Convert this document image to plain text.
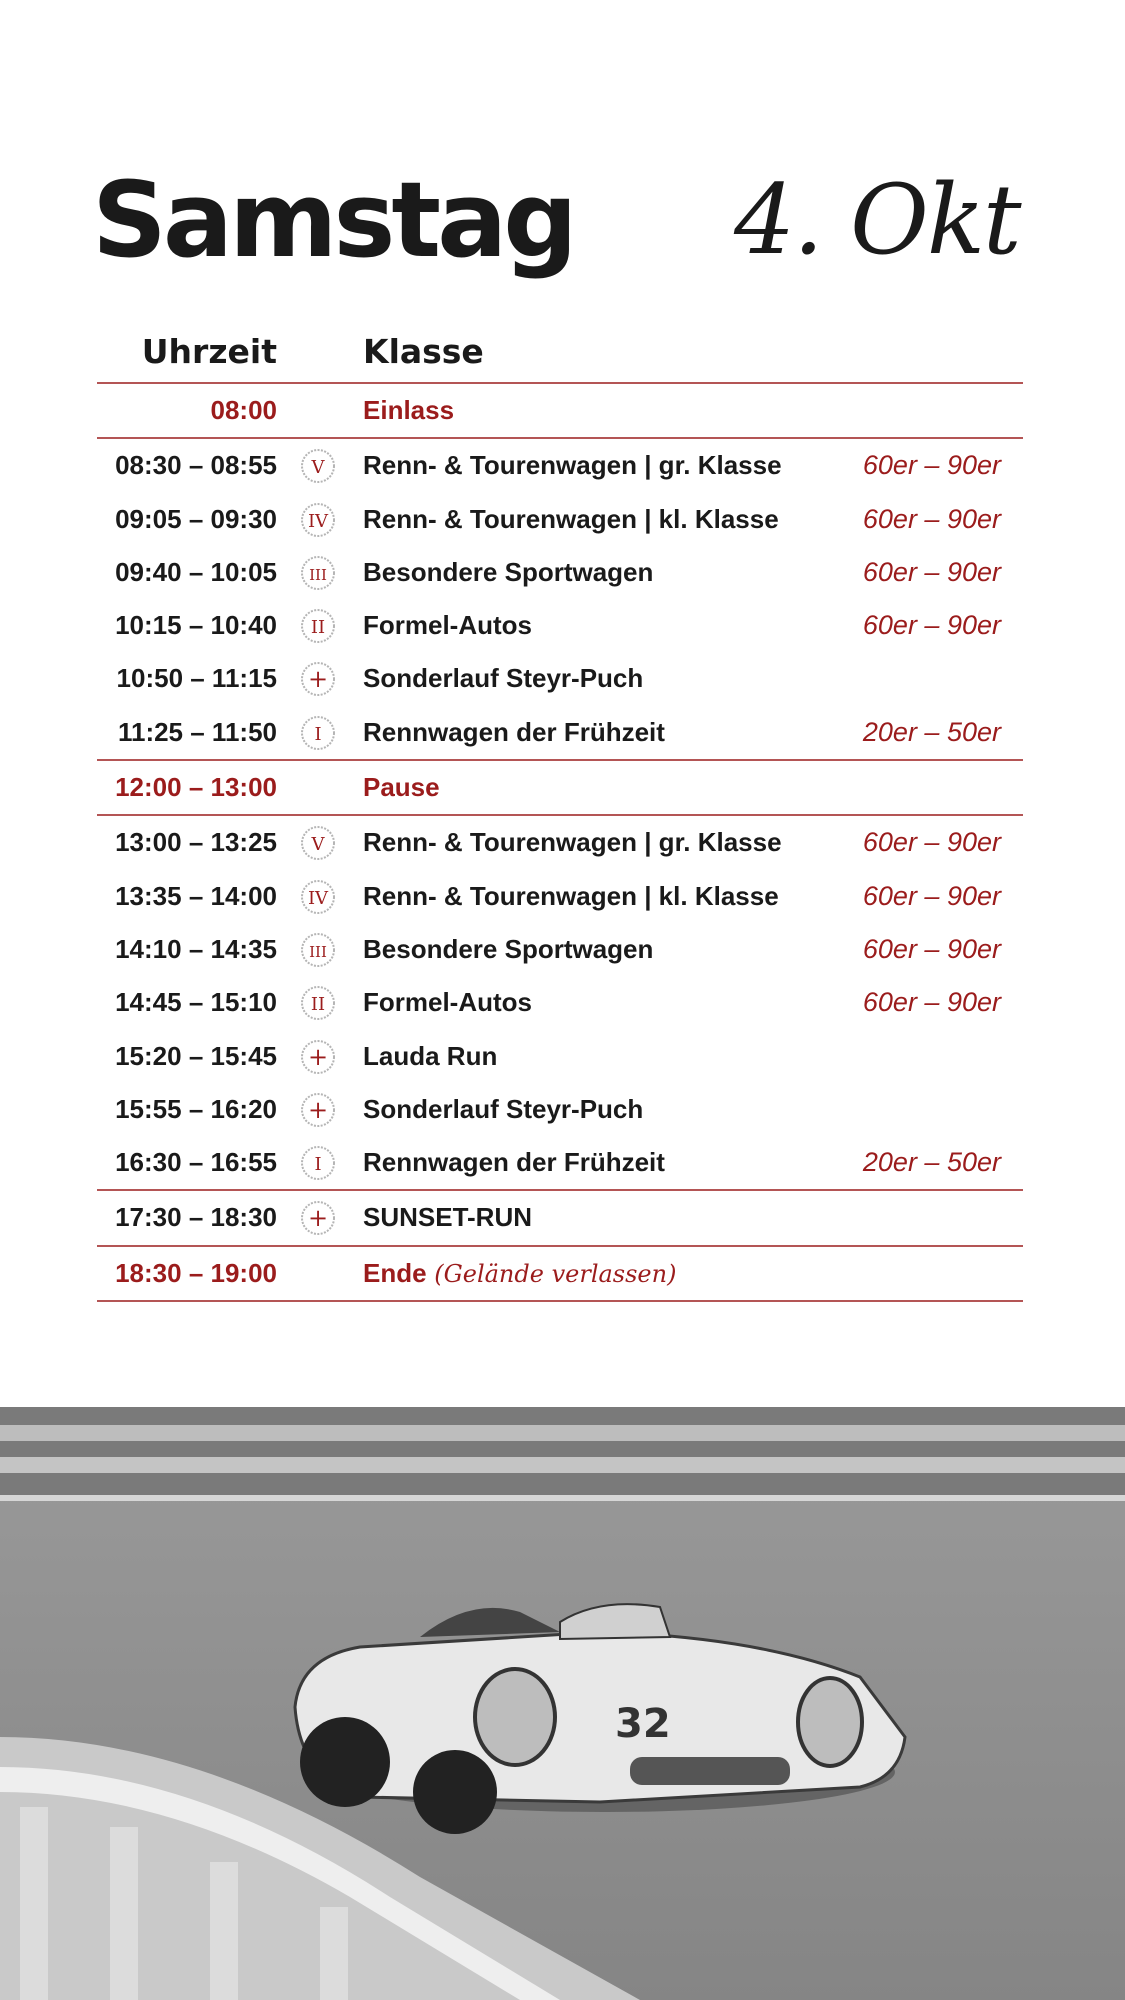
Samstag 4. Okt
Uhrzeit	Klasse
08:00	Einlass
08:30 – 08:55 V Renn- & Tourenwagen | gr. Klasse	60er – 90er
09:05 – 09:30 IV Renn- & Tourenwagen | kl. Klasse	60er – 90er
09:40 – 10:05 III Besondere Sportwagen	60er – 90er
10:15 – 10:40 II Formel-Autos	60er – 90er
10:50 – 11:15 + Sonderlauf Steyr-Puch
11:25 – 11:50 I Rennwagen der Frühzeit	20er – 50er
12:00 – 13:00	Pause
13:00 – 13:25 V Renn- & Tourenwagen | gr. Klasse	60er – 90er
13:35 – 14:00 IV Renn- & Tourenwagen | kl. Klasse	60er – 90er
14:10 – 14:35 III Besondere Sportwagen	60er – 90er
14:45 – 15:10 II Formel-Autos	60er – 90er
15:20 – 15:45 + Lauda Run
15:55 – 16:20 + Sonderlauf Steyr-Puch
16:30 – 16:55 I Rennwagen der Frühzeit	20er – 50er
17:30 – 18:30 + SUNSET-RUN
18:30 – 19:00	Ende (Gelände verlassen)
32
